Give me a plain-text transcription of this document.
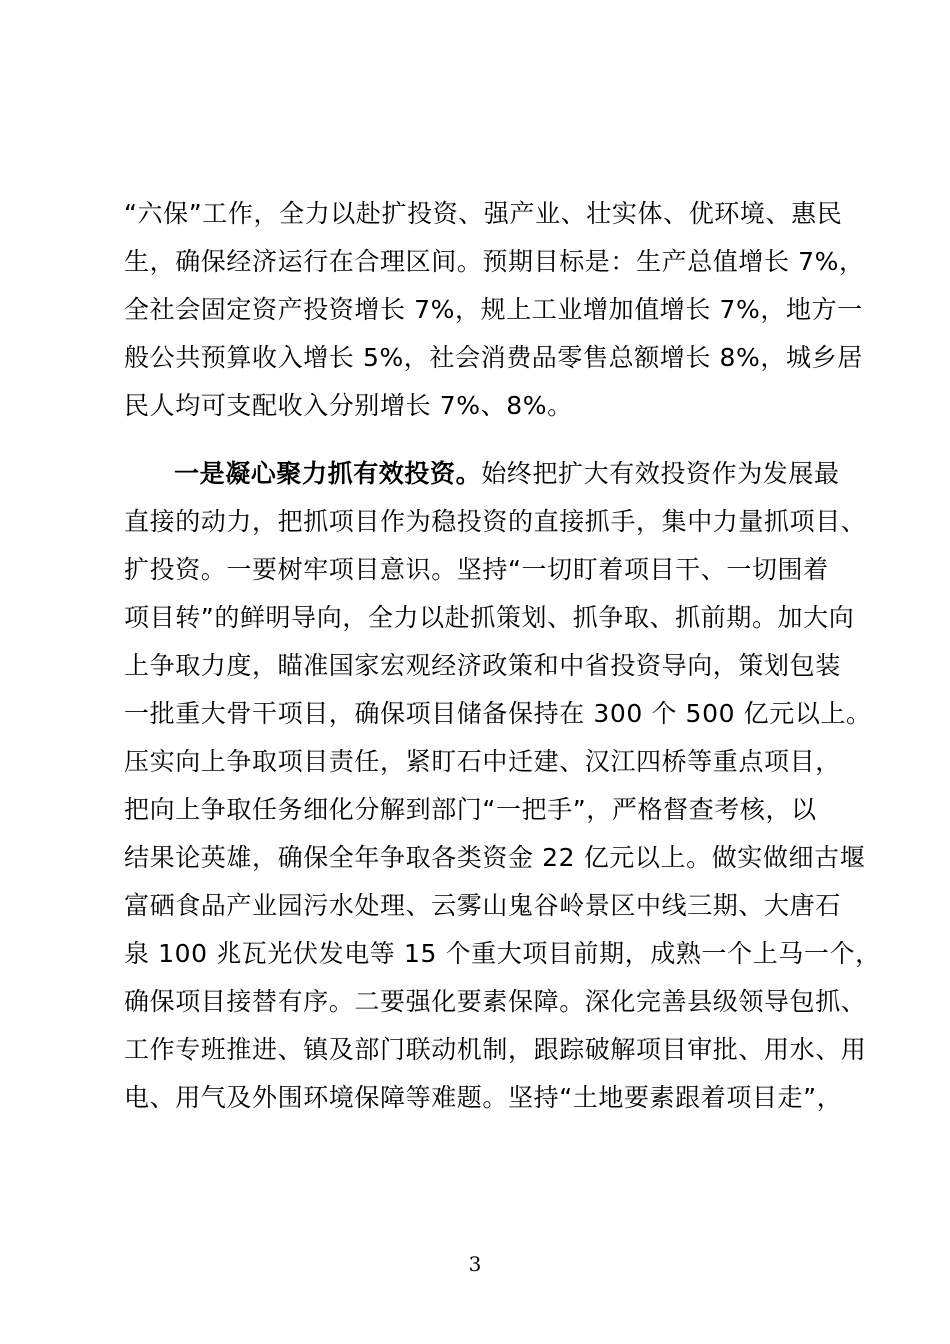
“六保”工作，全力以赴扩投资、强产业、壮实体、优环境、惠民
生，确保经济运行在合理区间。预期目标是：生产总值增长 7%，
全社会固定资产投资增长 7%，规上工业增加值增长 7%，地方一
般公共预算收入增长 5%，社会消费品零售总额增长 8%，城乡居
民人均可支配收入分别增长 7%、8%。
一是凝心聚力抓有效投资。始终把扩大有效投资作为发展最
直接的动力，把抓项目作为稳投资的直接抓手，集中力量抓项目、
扩投资。一要树牢项目意识。坚持“一切盯着项目干、一切围着
项目转”的鲜明导向，全力以赴抓策划、抓争取、抓前期。加大向
上争取力度，瞄准国家宏观经济政策和中省投资导向，策划包装
一批重大骨干项目，确保项目储备保持在 300 个 500 亿元以上。
压实向上争取项目责任，紧盯石中迁建、汉江四桥等重点项目，
把向上争取任务细化分解到部门“一把手”，严格督查考核，以
结果论英雄，确保全年争取各类资金 22 亿元以上。做实做细古堰
富硒食品产业园污水处理、云雾山鬼谷岭景区中线三期、大唐石
泉 100 兆瓦光伏发电等 15 个重大项目前期，成熟一个上马一个，
确保项目接替有序。二要强化要素保障。深化完善县级领导包抓、
工作专班推进、镇及部门联动机制，跟踪破解项目审批、用水、用
电、用气及外围环境保障等难题。坚持“土地要素跟着项目走”，
3
